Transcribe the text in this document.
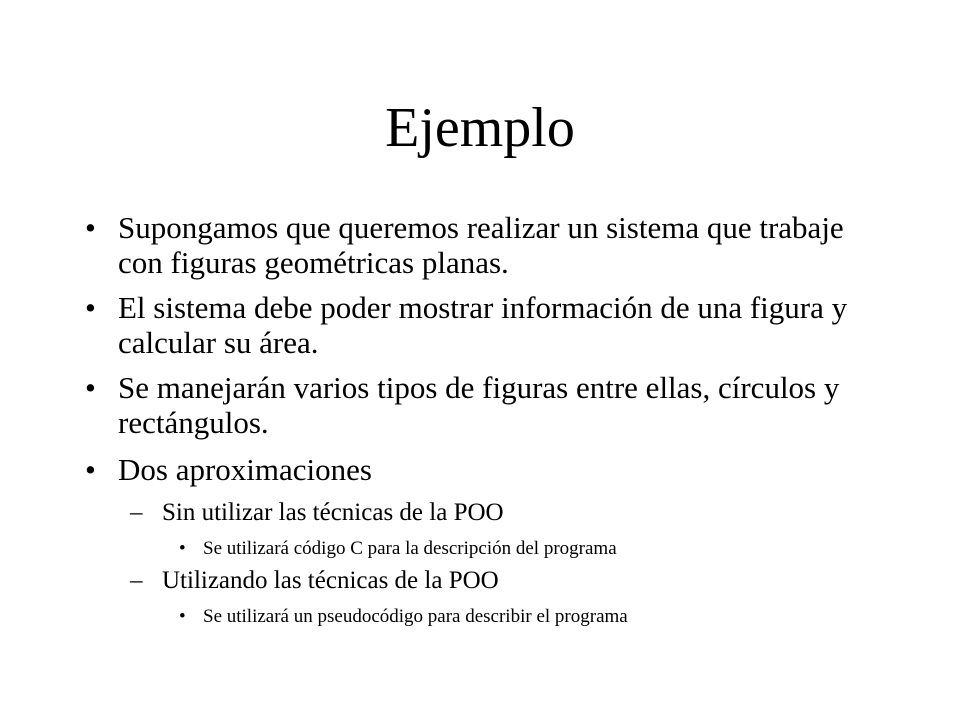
Ejemplo
• Supongamos que queremos realizar un sistema que trabaje con figuras geométricas planas.
• El sistema debe poder mostrar información de una figura y calcular su área.
• Se manejarán varios tipos de figuras entre ellas, círculos y rectángulos.
• Dos aproximaciones
– Sin utilizar las técnicas de la POO
• Se utilizará código C para la descripción del programa
– Utilizando las técnicas de la POO
• Se utilizará un pseudocódigo para describir el programa
